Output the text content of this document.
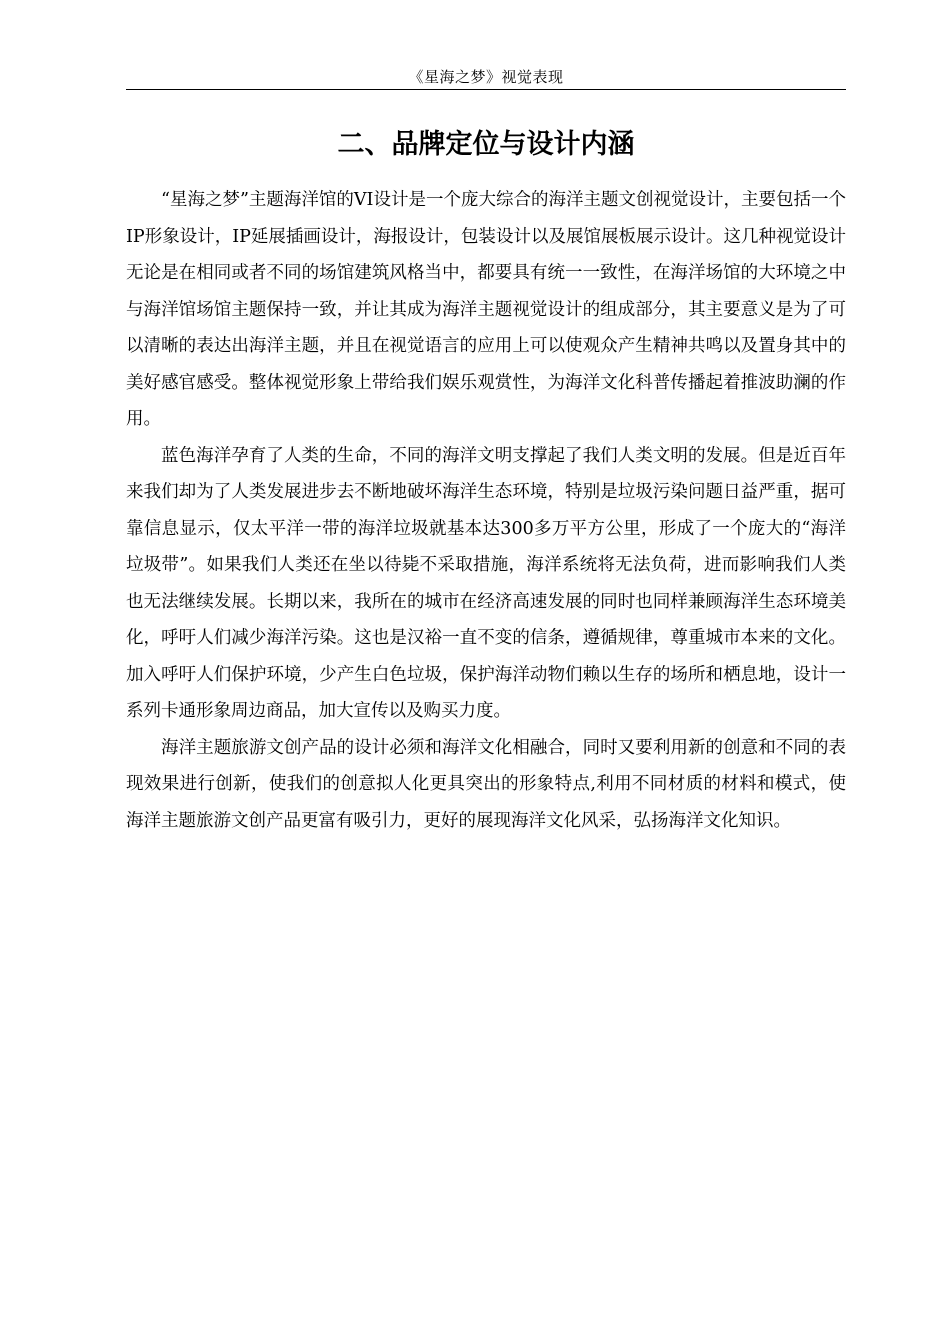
《星海之梦》视觉表现
二、品牌定位与设计内涵

“星海之梦”主题海洋馆的VI设计是一个庞大综合的海洋主题文创视觉设计，主要包括一个IP形象设计，IP延展插画设计，海报设计，包装设计以及展馆展板展示设计。这几种视觉设计无论是在相同或者不同的场馆建筑风格当中，都要具有统一一致性，在海洋场馆的大环境之中与海洋馆场馆主题保持一致，并让其成为海洋主题视觉设计的组成部分，其主要意义是为了可以清晰的表达出海洋主题，并且在视觉语言的应用上可以使观众产生精神共鸣以及置身其中的美好感官感受。整体视觉形象上带给我们娱乐观赏性，为海洋文化科普传播起着推波助澜的作用。

蓝色海洋孕育了人类的生命，不同的海洋文明支撑起了我们人类文明的发展。但是近百年来我们却为了人类发展进步去不断地破坏海洋生态环境，特别是垃圾污染问题日益严重，据可靠信息显示，仅太平洋一带的海洋垃圾就基本达300多万平方公里，形成了一个庞大的“海洋垃圾带”。如果我们人类还在坐以待毙不采取措施，海洋系统将无法负荷，进而影响我们人类也无法继续发展。长期以来，我所在的城市在经济高速发展的同时也同样兼顾海洋生态环境美化，呼吁人们减少海洋污染。这也是汉裕一直不变的信条，遵循规律，尊重城市本来的文化。加入呼吁人们保护环境，少产生白色垃圾，保护海洋动物们赖以生存的场所和栖息地，设计一系列卡通形象周边商品，加大宣传以及购买力度。

海洋主题旅游文创产品的设计必须和海洋文化相融合，同时又要利用新的创意和不同的表现效果进行创新，使我们的创意拟人化更具突出的形象特点,利用不同材质的材料和模式，使海洋主题旅游文创产品更富有吸引力，更好的展现海洋文化风采，弘扬海洋文化知识。
